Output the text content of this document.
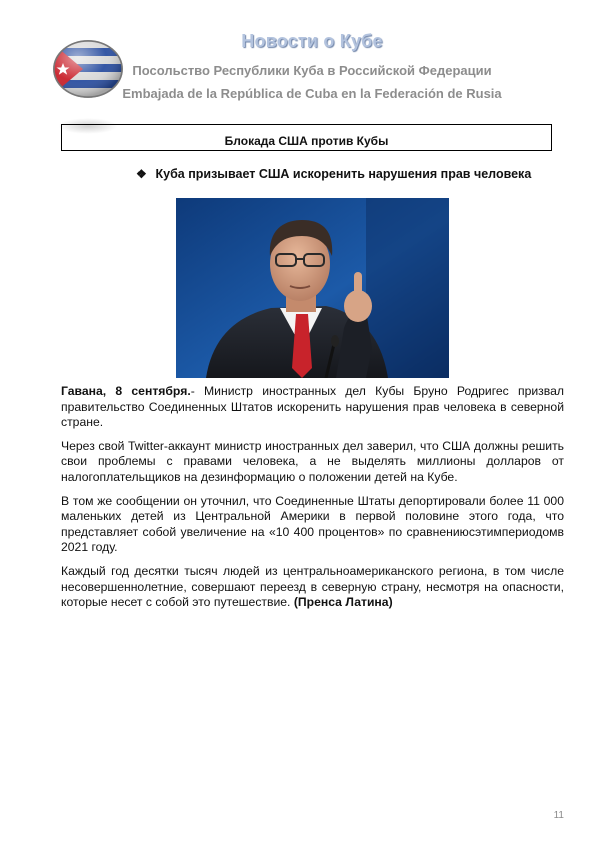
Новости о Кубе
Посольство Республики Куба в Российской Федерации
Embajada de la República de Cuba en la Federación de Rusia
Блокада США против Кубы
❖ Куба призывает США искоренить нарушения прав человека

Гавана, 8 сентября.- Министр иностранных дел Кубы Бруно Родригес призвал правительство Соединенных Штатов искоренить нарушения прав человека в северной стране.

Через свой Twitter-аккаунт министр иностранных дел заверил, что США должны решить свои проблемы с правами человека, а не выделять миллионы долларов от налогоплательщиков на дезинформацию о положении детей на Кубе.

В том же сообщении он уточнил, что Соединенные Штаты депортировали более 11 000 маленьких детей из Центральной Америки в первой половине этого года, что представляет собой увеличение на «10 400 процентов» по сравнениюсэтимпериодомв 2021 году.

Каждый год десятки тысяч людей из центральноамериканского региона, в том числе несовершеннолетние, совершают переезд в северную страну, несмотря на опасности, которые несет с собой это путешествие. (Пренса Латина)

11
